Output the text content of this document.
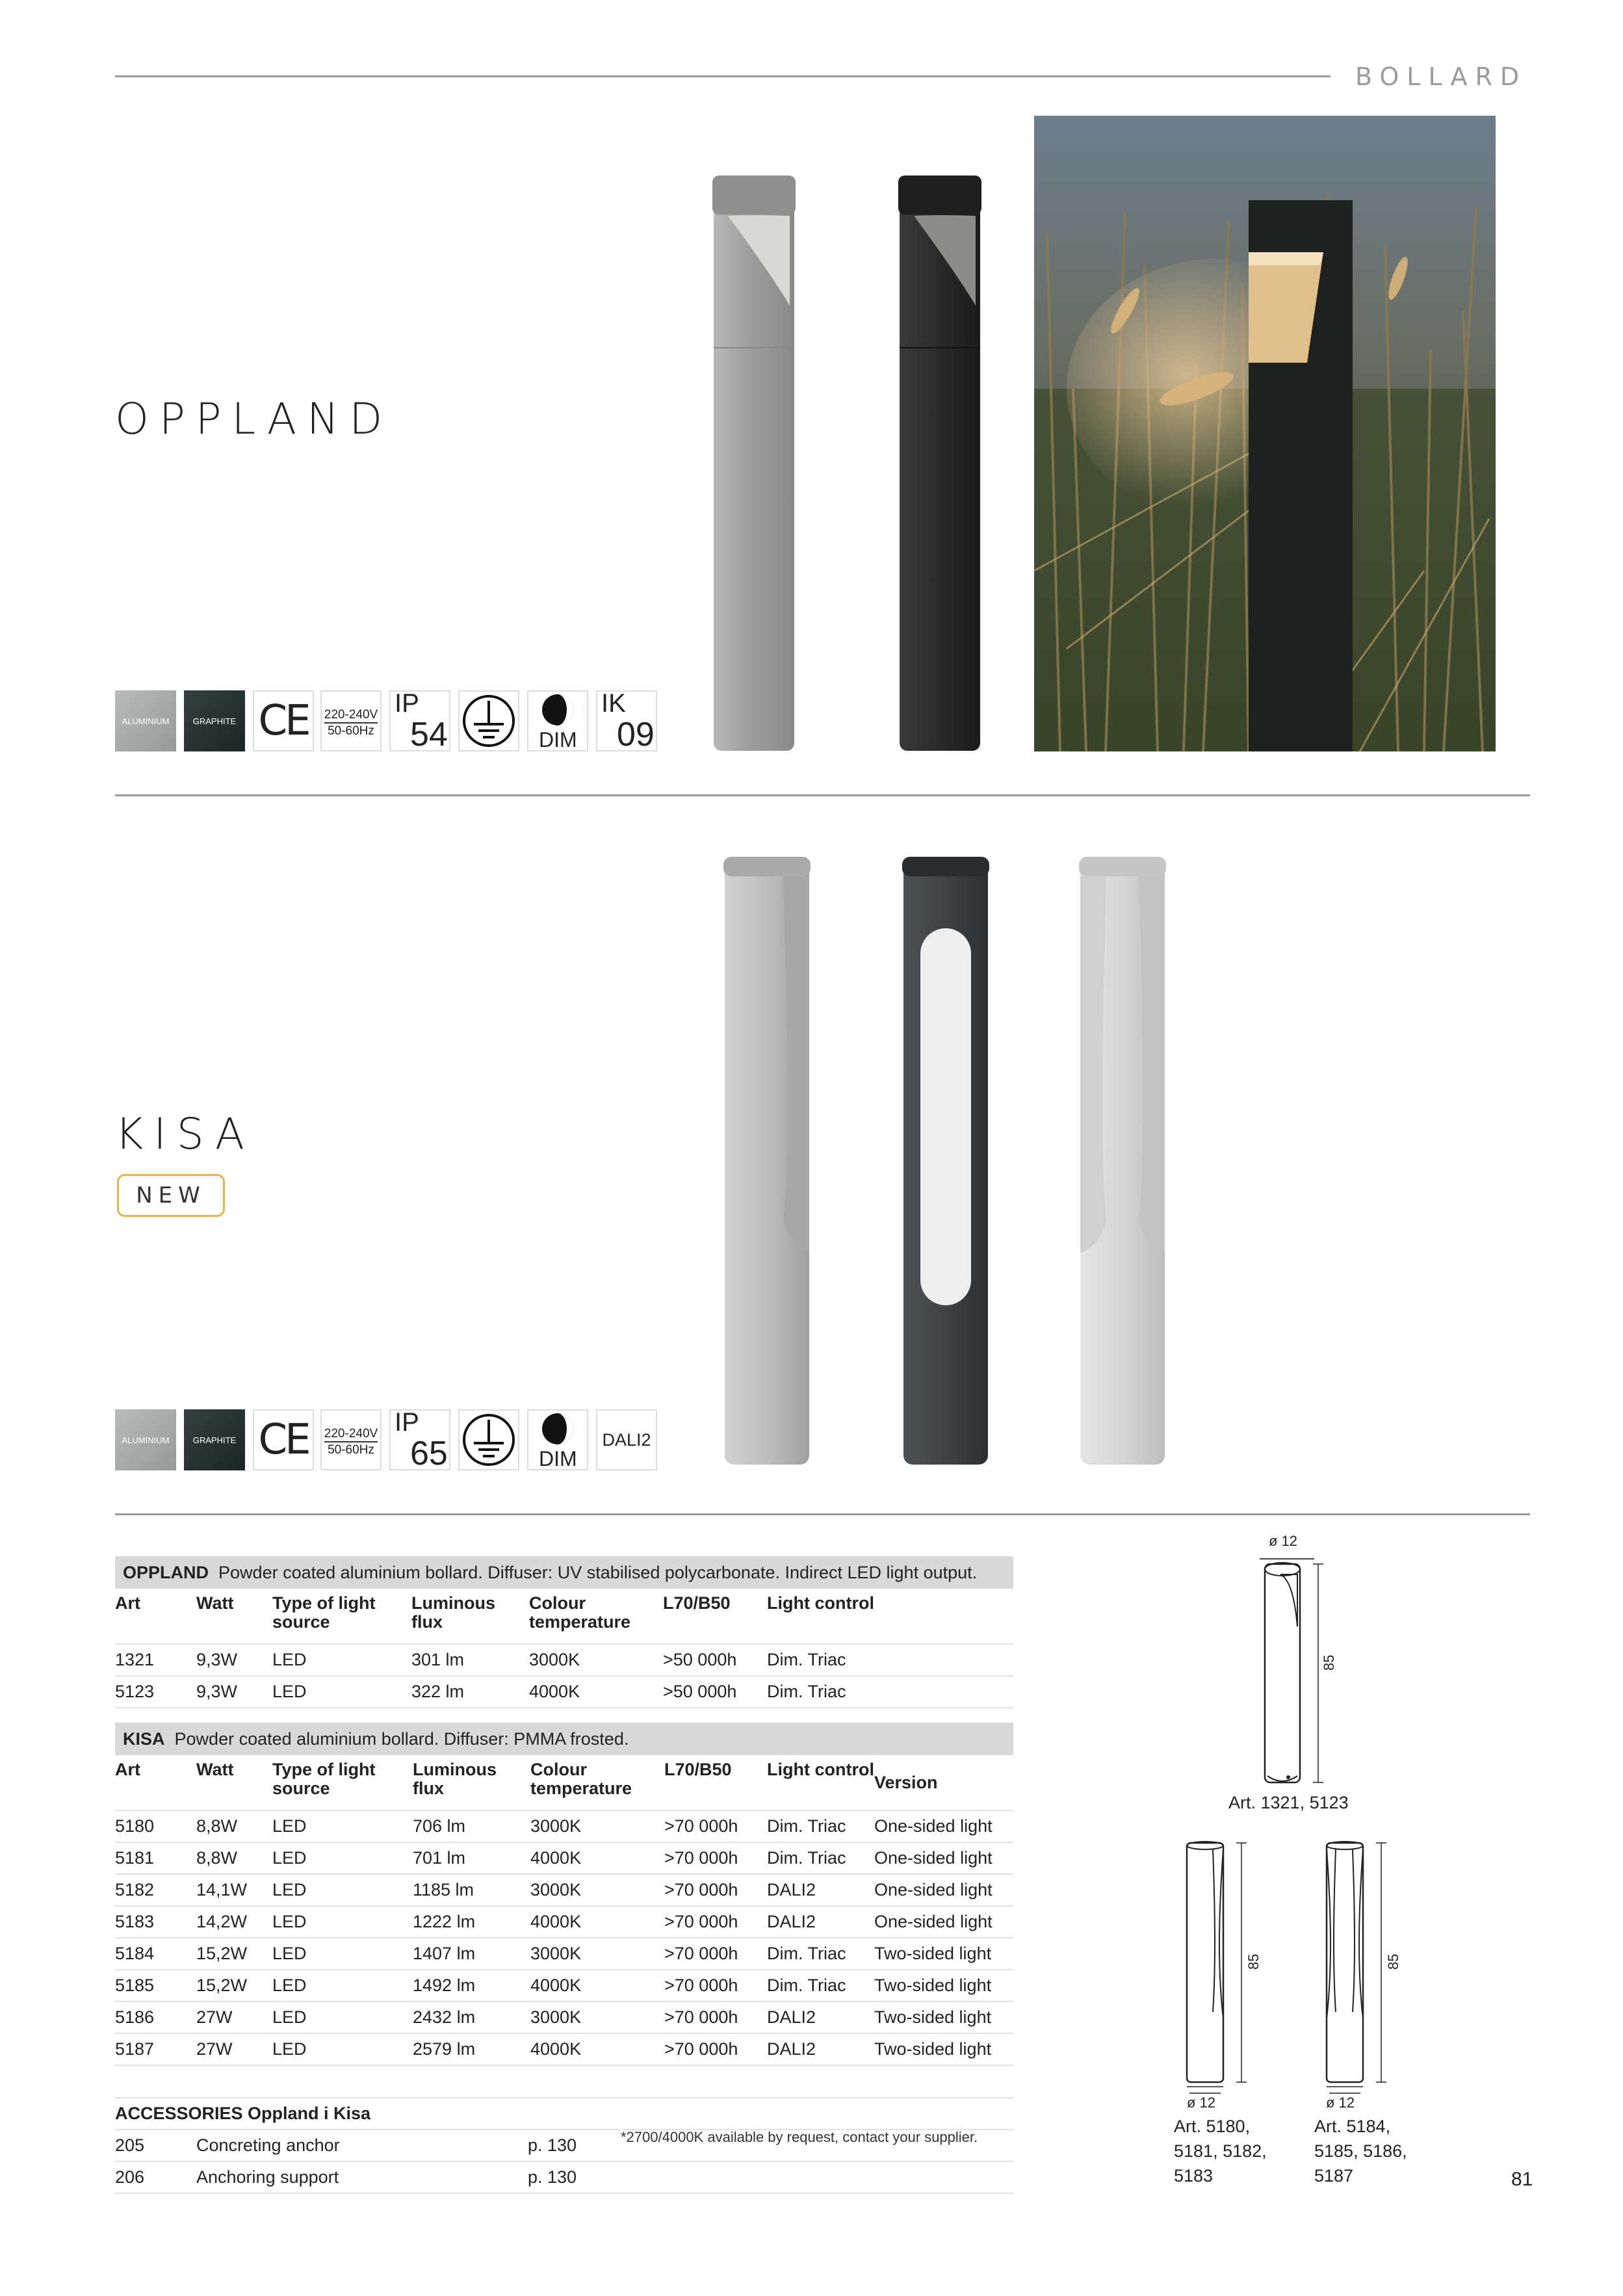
BOLLARD
OPPLAND
ALUMINIUM	GRAPHITE CE	220-240V
50-60Hz
IP
54	DIM
IK
09
KISA
NEW
ALUMINIUM	GRAPHITE CE	220-240V
50-60Hz
IP
65	DIM
DALI2
OPPLAND Powder coated aluminium bollard. Diffuser: UV stabilised polycarbonate. Indirect LED light output.						
Art	Watt	Type of light source	Luminous flux	Colour temperature	L70/B50	Light control
1321	9,3W	LED	301 lm	3000K	>50 000h	Dim. Triac
5123	9,3W	LED	322 lm	4000K	>50 000h	Dim. Triac
KISA Powder coated aluminium bollard. Diffuser: PMMA frosted.							
Art	Watt	Type of light source	Luminous flux	Colour temperature	L70/B50	Light control	Version
5180	8,8W	LED	706 lm	3000K	>70 000h	Dim. Triac	One-sided light
5181	8,8W	LED	701 lm	4000K	>70 000h	Dim. Triac	One-sided light
5182	14,1W	LED	1185 lm	3000K	>70 000h	DALI2	One-sided light
5183	14,2W	LED	1222 lm	4000K	>70 000h	DALI2	One-sided light
5184	15,2W	LED	1407 lm	3000K	>70 000h	Dim. Triac	Two-sided light
5185	15,2W	LED	1492 lm	4000K	>70 000h	Dim. Triac	Two-sided light
5186	27W	LED	2432 lm	3000K	>70 000h	DALI2	Two-sided light
5187	27W	LED	2579 lm	4000K	>70 000h	DALI2	Two-sided light
ACCESSORIES Oppland i Kisa		
205	Concreting anchor	p. 130
206	Anchoring support	p. 130
*2700/4000K available by request, contact your supplier.
ø 12
85
Art. 1321, 5123
85
ø 12
Art. 5180,
5181, 5182,
5183
85
ø 12
Art. 5184,
5185, 5186,
5187	81
